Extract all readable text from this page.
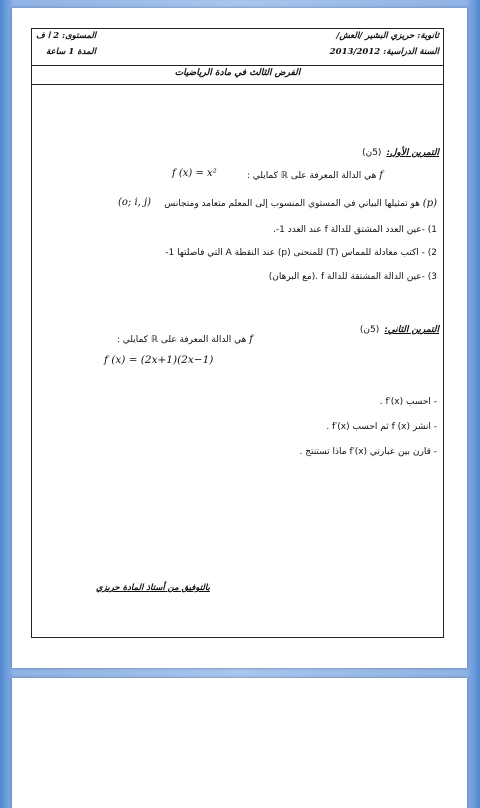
ثانوية: حريزي البشير /العش/
السنة الدراسية: 2013/2012
المستوى: 2 ا ف
المدة 1 ساعة
الفرض الثالث في مادة الرياضيات
التمرين الأول: (5ن)
f هي الدالة المعرفة على ℝ كمايلي :
f (x) = x²
(p) هو تمثيلها البياني في المستوي المنسوب إلى المعلم متعامد ومتجانس
(o; i, j)
1) -عين العدد المشتق للدالة f عند العدد 1-.
2) - اكتب معادلة للمماس (T) للمنحنى (p) عند النقطة A التي فاصلتها 1-
3) -عين الدالة المشتقة للدالة f .(مع البرهان)
التمرين الثاني: (5ن)
f هي الدالة المعرفة على ℝ كمايلي :
f (x) = (2x+1)(2x−1)
- احسب f′(x) .
- انشر f (x) ثم احسب f′(x) .
- قارن بين عبارتي f′(x) ماذا تستنتج .
بالتوفيق من أستاذ المادة حريزي
